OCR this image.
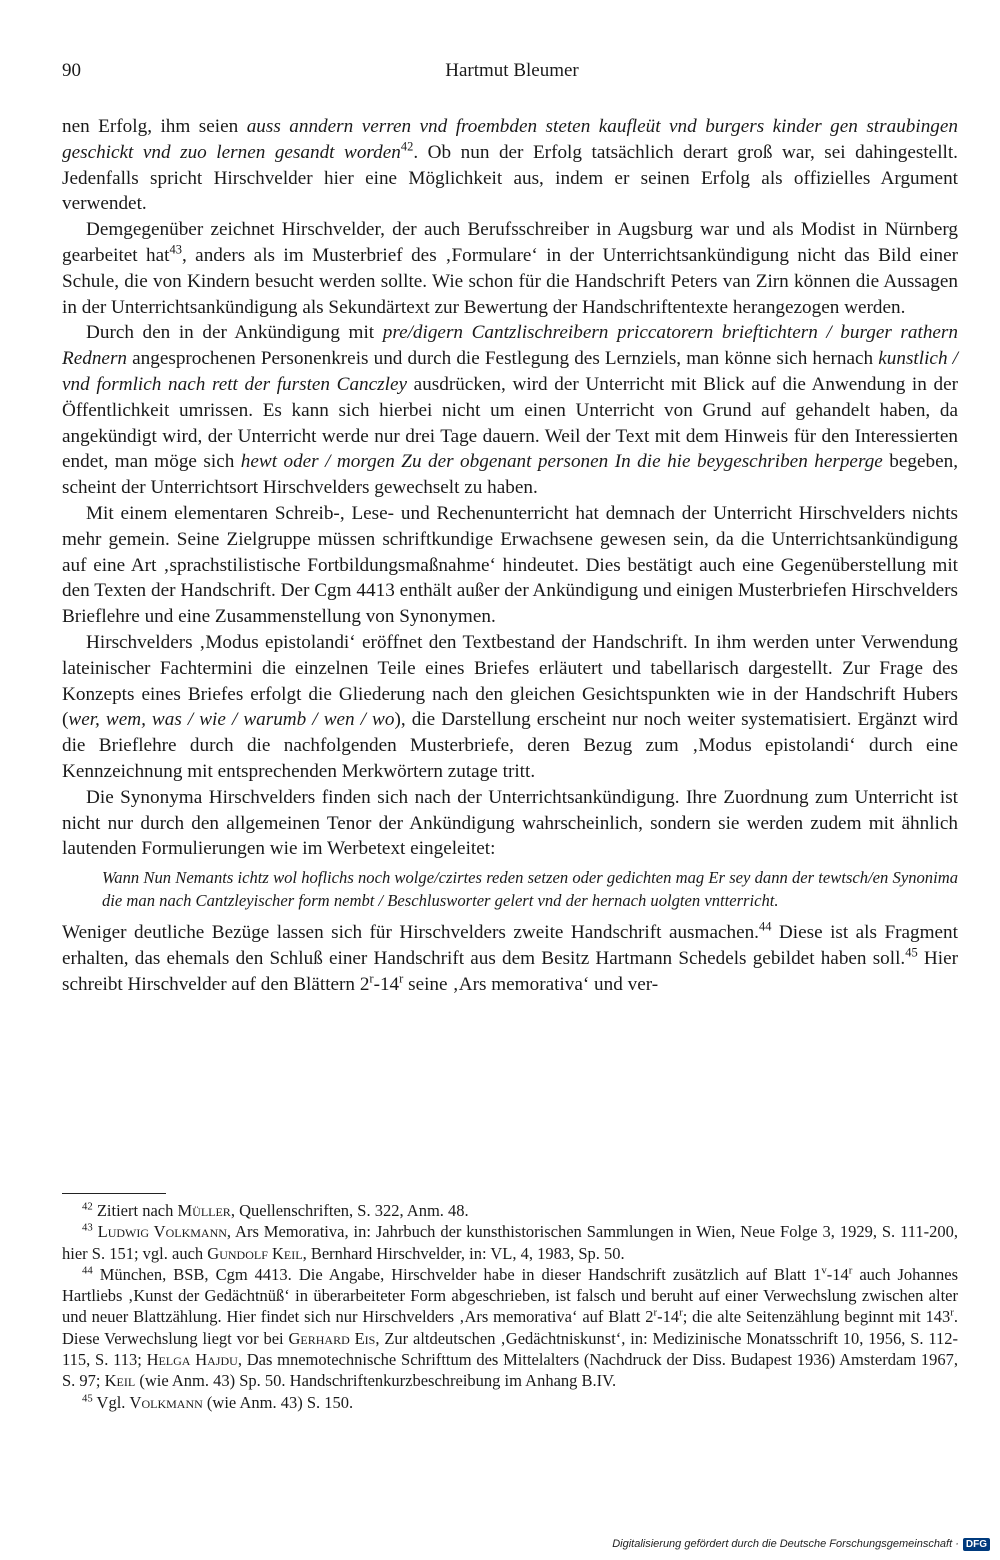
90	Hartmut Bleumer

nen Erfolg, ihm seien auss anndern verren vnd froembden steten kaufleüt vnd burgers kinder gen straubingen geschickt vnd zuo lernen gesandt worden$^{42}$. Ob nun der Erfolg tatsächlich derart groß war, sei dahingestellt. Jedenfalls spricht Hirschvelder hier eine Möglichkeit aus, indem er seinen Erfolg als offizielles Argument verwendet.

Demgegenüber zeichnet Hirschvelder, der auch Berufsschreiber in Augsburg war und als Modist in Nürnberg gearbeitet hat$^{43}$, anders als im Musterbrief des ‚Formulare‘ in der Unterrichtsankündigung nicht das Bild einer Schule, die von Kindern besucht werden sollte. Wie schon für die Handschrift Peters van Zirn können die Aussagen in der Unterrichtsankündigung als Sekundärtext zur Bewertung der Handschriftentexte herangezogen werden.

Durch den in der Ankündigung mit pre/digern Cantzlischreibern priccatorern brieftichtern / burger rathern Rednern angesprochenen Personenkreis und durch die Festlegung des Lernziels, man könne sich hernach kunstlich / vnd formlich nach rett der fursten Canczley ausdrücken, wird der Unterricht mit Blick auf die Anwendung in der Öffentlichkeit umrissen. Es kann sich hierbei nicht um einen Unterricht von Grund auf gehandelt haben, da angekündigt wird, der Unterricht werde nur drei Tage dauern. Weil der Text mit dem Hinweis für den Interessierten endet, man möge sich hewt oder / morgen Zu der obgenant personen In die hie beygeschriben herperge begeben, scheint der Unterrichtsort Hirschvelders gewechselt zu haben.

Mit einem elementaren Schreib-, Lese- und Rechenunterricht hat demnach der Unterricht Hirschvelders nichts mehr gemein. Seine Zielgruppe müssen schriftkundige Erwachsene gewesen sein, da die Unterrichtsankündigung auf eine Art ‚sprachstilistische Fortbildungsmaßnahme‘ hindeutet. Dies bestätigt auch eine Gegenüberstellung mit den Texten der Handschrift. Der Cgm 4413 enthält außer der Ankündigung und einigen Musterbriefen Hirschvelders Brieflehre und eine Zusammenstellung von Synonymen.

Hirschvelders ‚Modus epistolandi‘ eröffnet den Textbestand der Handschrift. In ihm werden unter Verwendung lateinischer Fachtermini die einzelnen Teile eines Briefes erläutert und tabellarisch dargestellt. Zur Frage des Konzepts eines Briefes erfolgt die Gliederung nach den gleichen Gesichtspunkten wie in der Handschrift Hubers (wer, wem, was / wie / warumb / wen / wo), die Darstellung erscheint nur noch weiter systematisiert. Ergänzt wird die Brieflehre durch die nachfolgenden Musterbriefe, deren Bezug zum ‚Modus epistolandi‘ durch eine Kennzeichnung mit entsprechenden Merkwörtern zutage tritt.

Die Synonyma Hirschvelders finden sich nach der Unterrichtsankündigung. Ihre Zuordnung zum Unterricht ist nicht nur durch den allgemeinen Tenor der Ankündigung wahrscheinlich, sondern sie werden zudem mit ähnlich lautenden Formulierungen wie im Werbetext eingeleitet:

Wann Nun Nemants ichtz wol hoflichs noch wolge/czirtes reden setzen oder gedichten mag Er sey dann der tewtsch/en Synonima die man nach Cantzleyischer form nembt / Beschlusworter gelert vnd der hernach uolgten vntterricht.

Weniger deutliche Bezüge lassen sich für Hirschvelders zweite Handschrift ausmachen.$^{44}$ Diese ist als Fragment erhalten, das ehemals den Schluß einer Handschrift aus dem Besitz Hartmann Schedels gebildet haben soll.$^{45}$ Hier schreibt Hirschvelder auf den Blättern 2$^r$-14$^r$ seine ‚Ars memorativa‘ und ver-

$^{42}$ Zitiert nach Müller, Quellenschriften, S. 322, Anm. 48.

$^{43}$ Ludwig Volkmann, Ars Memorativa, in: Jahrbuch der kunsthistorischen Sammlungen in Wien, Neue Folge 3, 1929, S. 111-200, hier S. 151; vgl. auch Gundolf Keil, Bernhard Hirschvelder, in: VL, 4, 1983, Sp. 50.

$^{44}$ München, BSB, Cgm 4413. Die Angabe, Hirschvelder habe in dieser Handschrift zusätzlich auf Blatt 1$^v$-14$^r$ auch Johannes Hartliebs ‚Kunst der Gedächtnüß‘ in überarbeiteter Form abgeschrieben, ist falsch und beruht auf einer Verwechslung zwischen alter und neuer Blattzählung. Hier findet sich nur Hirschvelders ‚Ars memorativa‘ auf Blatt 2$^r$-14$^r$; die alte Seitenzählung beginnt mit 143$^r$. Diese Verwechslung liegt vor bei Gerhard Eis, Zur altdeutschen ‚Gedächtniskunst‘, in: Medizinische Monatsschrift 10, 1956, S. 112-115, S. 113; Helga Hajdu, Das mnemotechnische Schrifttum des Mittelalters (Nachdruck der Diss. Budapest 1936) Amsterdam 1967, S. 97; Keil (wie Anm. 43) Sp. 50. Handschriftenkurzbeschreibung im Anhang B.IV.

$^{45}$ Vgl. Volkmann (wie Anm. 43) S. 150.

Digitalisierung gefördert durch die Deutsche Forschungsgemeinschaft · DFG
